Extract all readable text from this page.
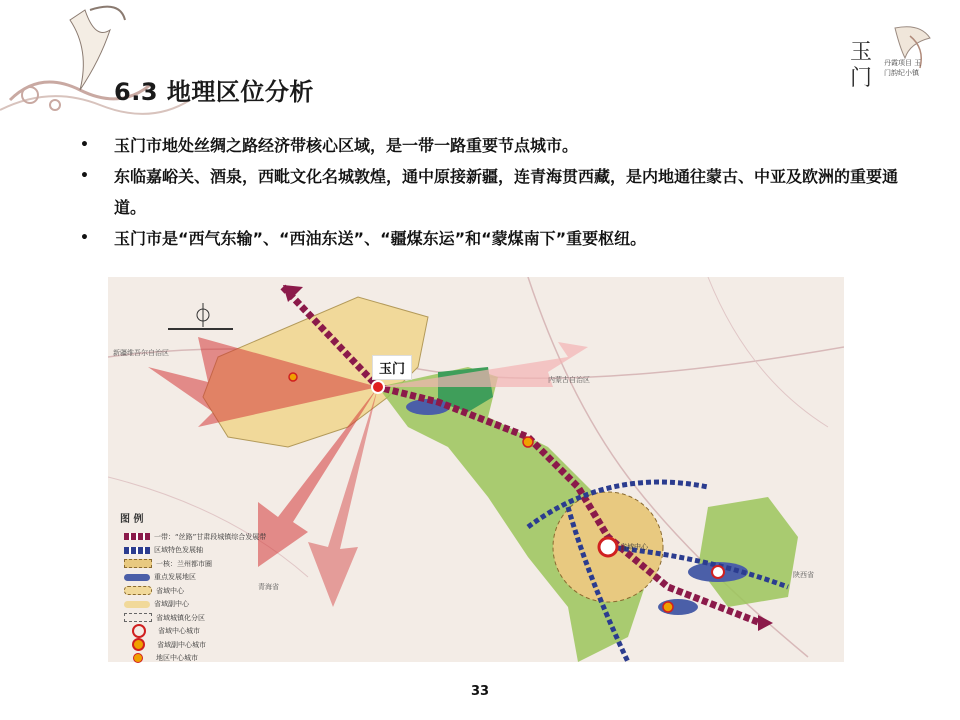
玉门
丹霞项目 玉门韵纪小镇
6.3 地理区位分析
• 玉门市地处丝绸之路经济带核心区域，是一带一路重要节点城市。
• 东临嘉峪关、酒泉，西毗文化名城敦煌，通中原接新疆，连青海贯西藏，是内地通往蒙古、中亚及欧洲的重要通道。
• 玉门市是“西气东输”、“西油东送”、“疆煤东运”和“蒙煤南下”重要枢纽。
新疆维吾尔自治区
内蒙古自治区
青海省
陕西省
省域中心
玉门
图 例
一带：“丝路”甘肃段城镇综合发展带
区域特色发展轴
一核：兰州都市圈
重点发展地区
省域中心
省域副中心
省域城镇化分区
省域中心城市
省域副中心城市
地区中心城市
33
